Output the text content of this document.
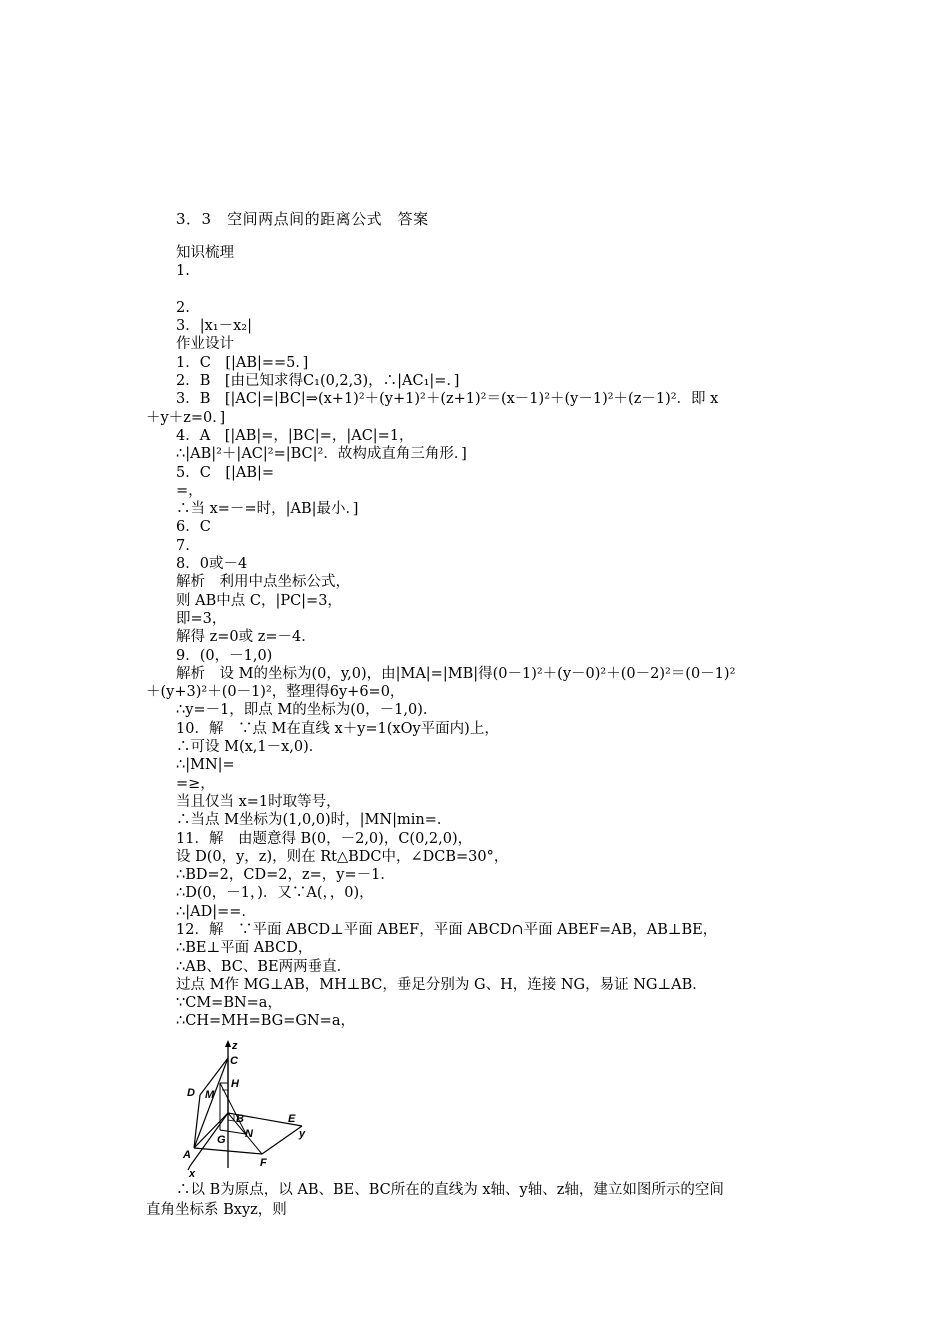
3．3　空间两点间的距离公式　答案
知识梳理
1.
2.
3．|x₁－x₂|
作业设计
1．C　[|AB|==5．]
2．B　[由已知求得C₁(0,2,3)，∴|AC₁|=．]
3．B　[|AC|=|BC|⇒(x+1)²＋(y+1)²＋(z+1)²＝(x－1)²＋(y－1)²＋(z－1)²．即 x
＋y＋z=0．]
4．A　[|AB|=，|BC|=，|AC|=1，
∴|AB|²＋|AC|²=|BC|²．故构成直角三角形．]
5．C　[|AB|=
=，
∴当 x=－=时，|AB|最小．]
6．C
7.
8．0或－4
解析　利用中点坐标公式，
则 AB中点 C，|PC|=3，
即=3，
解得 z=0或 z=－4．
9．(0，－1,0)
解析　设 M的坐标为(0，y,0)，由|MA|=|MB|得(0－1)²＋(y－0)²＋(0－2)²＝(0－1)²
＋(y+3)²＋(0－1)²，整理得6y+6=0，
∴y=－1，即点 M的坐标为(0，－1,0)．
10．解　∵点 M在直线 x＋y=1(xOy平面内)上，
∴可设 M(x,1－x,0)．
∴|MN|=
=≥，
当且仅当 x=1时取等号，
∴当点 M坐标为(1,0,0)时，|MN|min=．
11．解　由题意得 B(0，－2,0)，C(0,2,0)，
设 D(0，y，z)，则在 Rt△BDC中，∠DCB=30°，
∴BD=2，CD=2，z=，y=－1．
∴D(0，－1，)．又∵A(，，0)，
∴|AD|==．
12．解　∵平面 ABCD⊥平面 ABEF，平面 ABCD∩平面 ABEF=AB，AB⊥BE，
∴BE⊥平面 ABCD，
∴AB、BC、BE两两垂直．
过点 M作 MG⊥AB，MH⊥BC，垂足分别为 G、H，连接 NG，易证 NG⊥AB．
∵CM=BN=a，
∴CH=MH=BG=GN=a，
z
C
H
D M
B	E
y
N
G
A
F
x
∴以 B为原点，以 AB、BE、BC所在的直线为 x轴、y轴、z轴，建立如图所示的空间
直角坐标系 Bxyz，则
